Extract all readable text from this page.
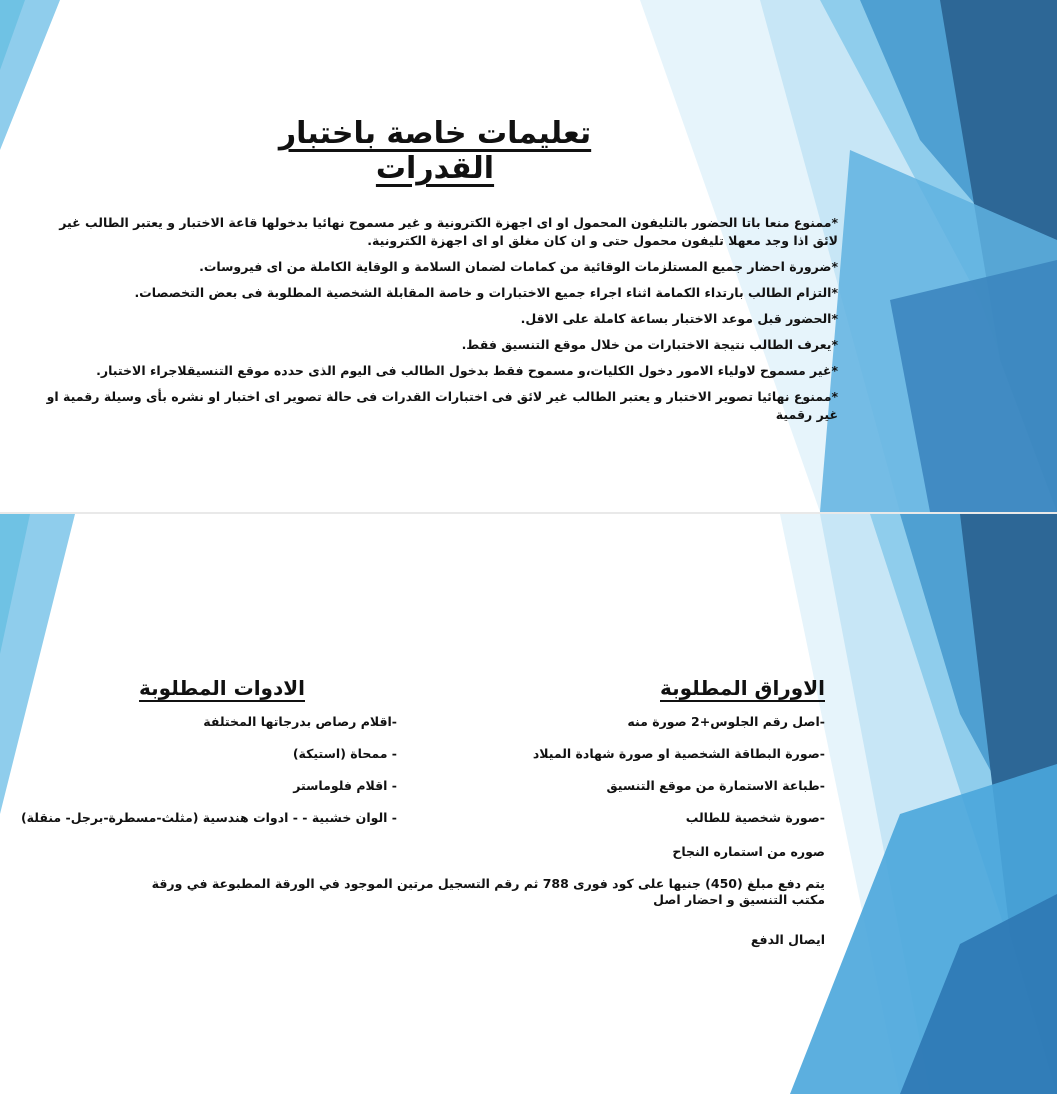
تعليمات خاصة باختبار القدرات
*ممنوع منعا باتا الحضور بالتليفون المحمول او اى اجهزة الكترونية و غير مسموح نهائيا بدخولها قاعة الاختبار و يعتبر الطالب غير لائق اذا وجد معهلا تليفون محمول حتى و ان كان مغلق او اى اجهزة الكترونية.
*ضرورة احضار جميع المستلزمات الوقائية من كمامات لضمان السلامة و الوقاية الكاملة من اى فيروسات.
*التزام الطالب بارتداء الكمامة اثناء اجراء جميع الاختبارات و خاصة المقابلة الشخصية المطلوبة فى بعض التخصصات.
*الحضور قبل موعد الاختبار بساعة كاملة على الاقل.
*يعرف الطالب نتيجة الاختبارات من خلال موقع التنسيق فقط.
*غير مسموح لاولياء الامور دخول الكليات،و مسموح فقط بدخول الطالب فى اليوم الذى حدده موقع التنسيقلاجراء الاختبار.
*ممنوع نهائيا تصوير الاختبار و يعتبر الطالب غير لائق فى اختبارات القدرات فى حالة تصوير اى اختبار او نشره بأى وسيلة رقمية او غير رقمية
الاوراق المطلوبة
-اصل رقم الجلوس+2 صورة منه
-صورة البطاقة الشخصية او صورة شهادة الميلاد
-طباعة الاستمارة من موقع التنسيق
-صورة شخصية للطالب
الادوات المطلوبة
-اقلام رصاص بدرجاتها المختلفة
- ممحاة (استيكة)
- اقلام فلوماستر
- الوان خشبية - - ادوات هندسية (مثلث-مسطرة-برجل- منقلة)
صوره من استماره النجاح
يتم دفع مبلغ (450) جنيها على كود فورى 788 ثم رقم التسجيل مرتين الموجود في الورقة المطبوعة في ورقة مكتب التنسيق و احضار اصل
ايصال الدفع
